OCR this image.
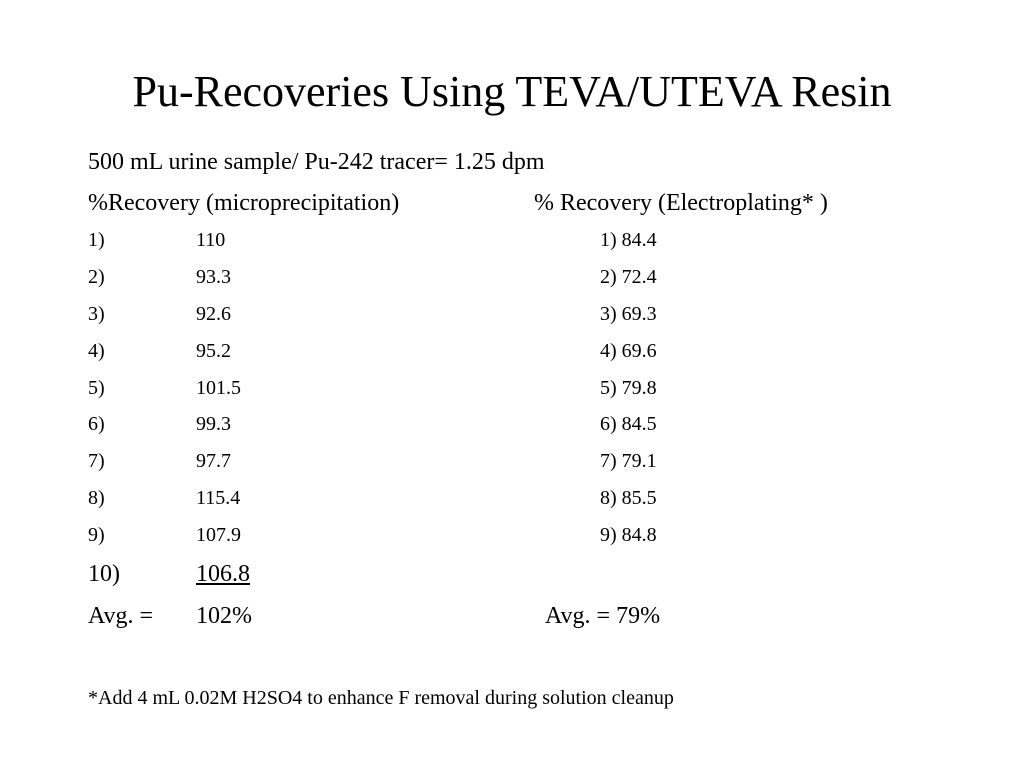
Pu-Recoveries Using TEVA/UTEVA Resin
500 mL urine sample/ Pu-242 tracer= 1.25 dpm
%Recovery (microprecipitation)	% Recovery (Electroplating* )
1)	110	1) 84.4
2)	93.3	2) 72.4
3)	92.6	3) 69.3
4)	95.2	4) 69.6
5)	101.5	5) 79.8
6)	99.3	6) 84.5
7)	97.7	7) 79.1
8)	115.4	8) 85.5
9)	107.9	9) 84.8
10)	106.8
Avg. = 102%	Avg. = 79%
*Add 4 mL 0.02M H2SO4 to enhance F removal during solution cleanup
